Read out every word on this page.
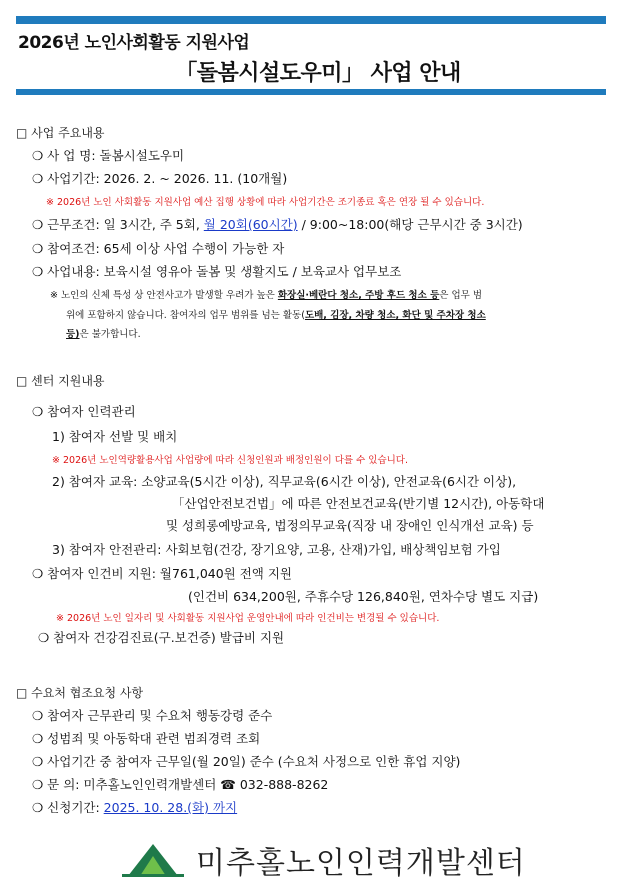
2026년 노인사회활동 지원사업
「돌봄시설도우미」 사업 안내
□ 사업 주요내용
❍ 사 업 명: 돌봄시설도우미
❍ 사업기간: 2026. 2. ~ 2026. 11. (10개월)
※ 2026년 노인 사회활동 지원사업 예산 집행 상황에 따라 사업기간은 조기종료 혹은 연장 될 수 있습니다.
❍ 근무조건: 일 3시간, 주 5회, 월 20회(60시간) / 9:00~18:00(해당 근무시간 중 3시간)
❍ 참여조건: 65세 이상 사업 수행이 가능한 자
❍ 사업내용: 보육시설 영유아 돌봄 및 생활지도 / 보육교사 업무보조
※ 노인의 신체 특성 상 안전사고가 발생할 우려가 높은 화장실·베란다 청소, 주방 후드 청소 등은 업무 범
위에 포함하지 않습니다. 참여자의 업무 범위를 넘는 활동(도배, 김장, 차량 청소, 화단 및 주차장 청소
등)은 불가합니다.
□ 센터 지원내용
❍ 참여자 인력관리
1) 참여자 선발 및 배치
※ 2026년 노인역량활용사업 사업량에 따라 신청인원과 배정인원이 다를 수 있습니다.
2) 참여자 교육: 소양교육(5시간 이상), 직무교육(6시간 이상), 안전교육(6시간 이상),
「산업안전보건법」에 따른 안전보건교육(반기별 12시간), 아동학대
및 성희롱예방교육, 법정의무교육(직장 내 장애인 인식개선 교육) 등
3) 참여자 안전관리: 사회보험(건강, 장기요양, 고용, 산재)가입, 배상책임보험 가입
❍ 참여자 인건비 지원: 월761,040원 전액 지원
(인건비 634,200원, 주휴수당 126,840원, 연차수당 별도 지급)
※ 2026년 노인 일자리 및 사회활동 지원사업 운영안내에 따라 인건비는 변경될 수 있습니다.
❍ 참여자 건강검진료(구.보건증) 발급비 지원
□ 수요처 협조요청 사항
❍ 참여자 근무관리 및 수요처 행동강령 준수
❍ 성범죄 및 아동학대 관련 범죄경력 조회
❍ 사업기간 중 참여자 근무일(월 20일) 준수 (수요처 사정으로 인한 휴업 지양)
❍ 문 의: 미추홀노인인력개발센터 ☎ 032-888-8262
❍ 신청기간: 2025. 10. 28.(화) 까지
미추홀노인인력개발센터
